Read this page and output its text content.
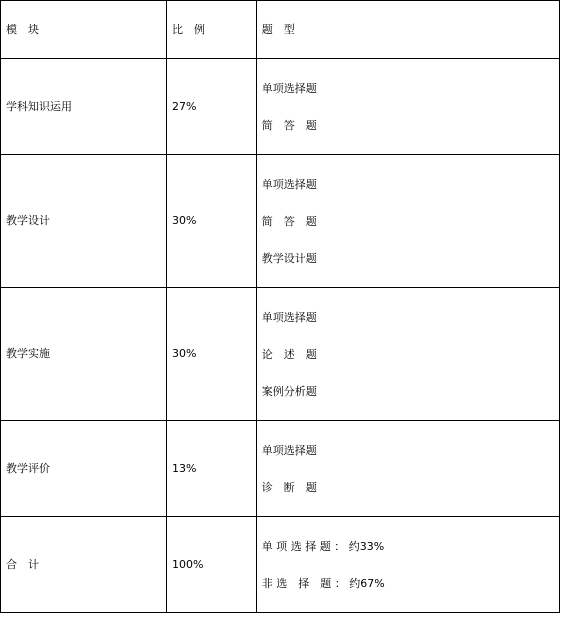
模　块	比　例	题　型
学科知识运用	27%	单项选择题
简　答　题

教学设计	30%	单项选择题
简　答　题
教学设计题

教学实施	30%	单项选择题
论　述　题
案例分析题

教学评价	13%	单项选择题
诊　断　题

合　计	100%	单 项 选 择 题 ： 约33%
非 选　择　题 ： 约67%
